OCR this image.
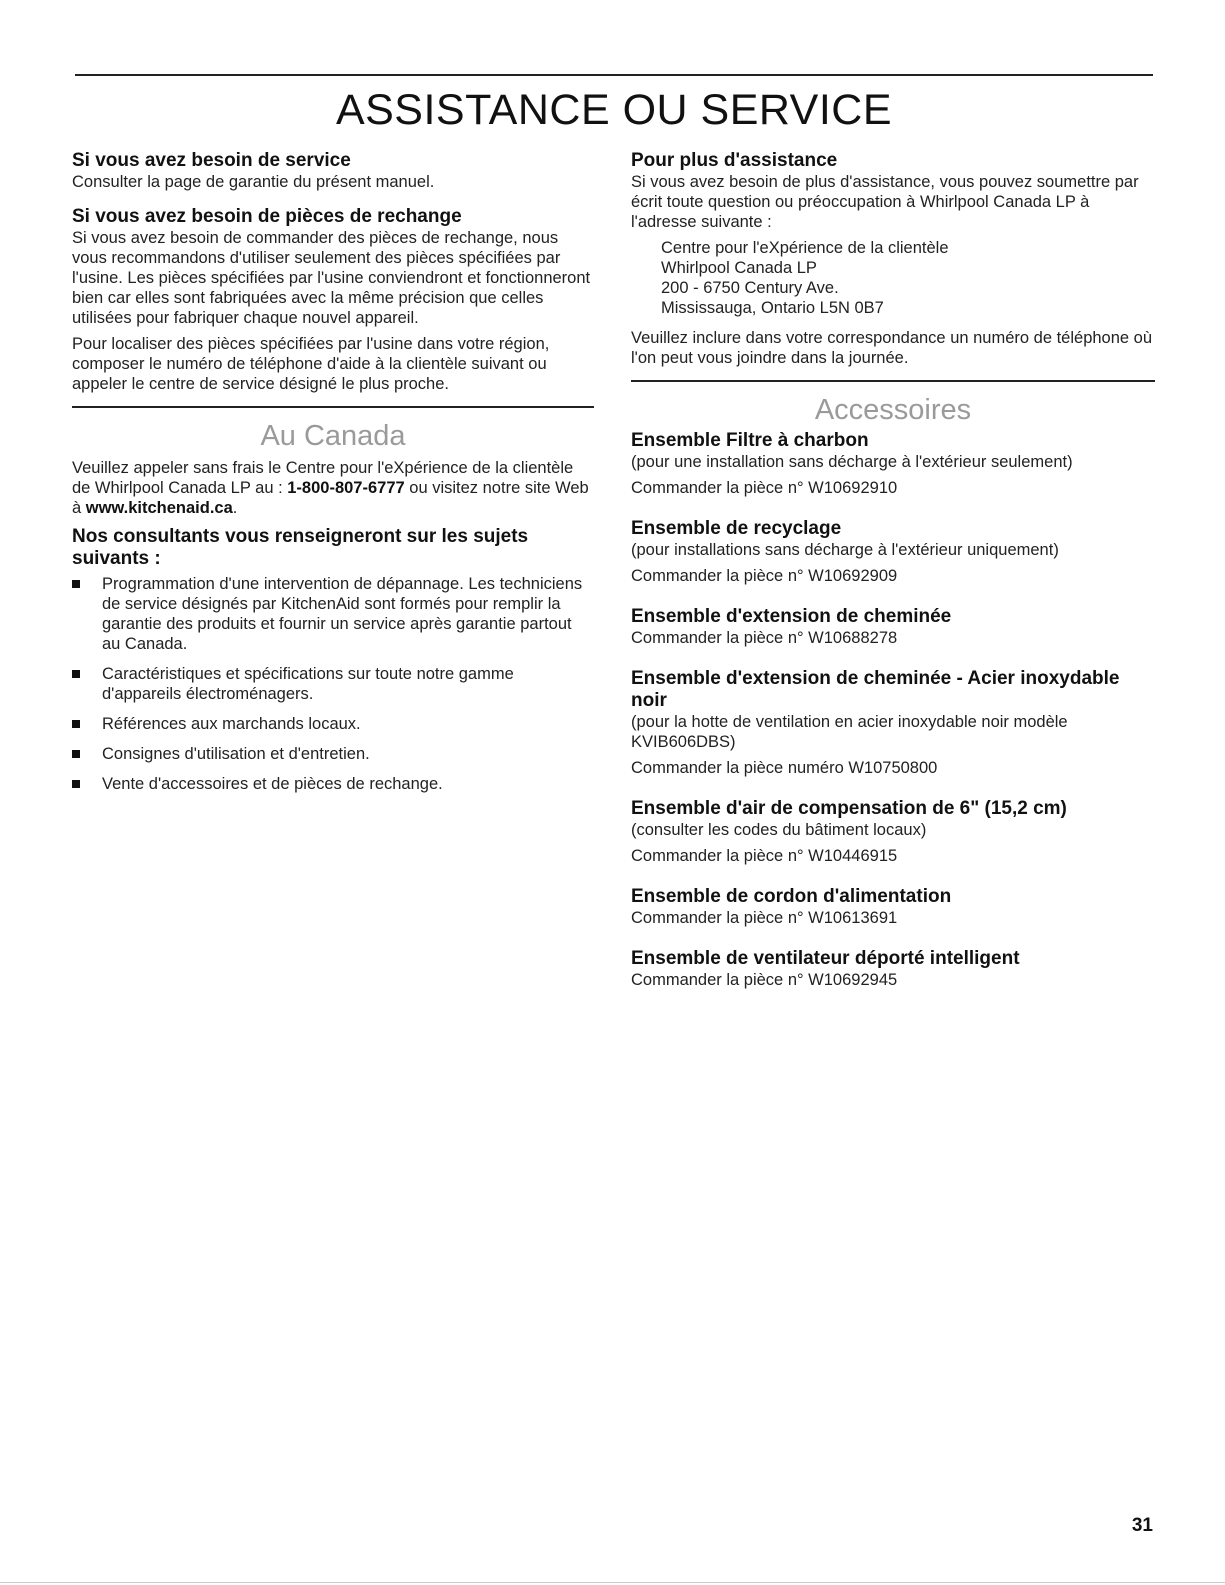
ASSISTANCE OU SERVICE
Si vous avez besoin de service

Consulter la page de garantie du présent manuel.

Si vous avez besoin de pièces de rechange

Si vous avez besoin de commander des pièces de rechange, nous vous recommandons d'utiliser seulement des pièces spécifiées par l'usine. Les pièces spécifiées par l'usine conviendront et fonctionneront bien car elles sont fabriquées avec la même précision que celles utilisées pour fabriquer chaque nouvel appareil.

Pour localiser des pièces spécifiées par l'usine dans votre région, composer le numéro de téléphone d'aide à la clientèle suivant ou appeler le centre de service désigné le plus proche.

Au Canada

Veuillez appeler sans frais le Centre pour l'eXpérience de la clientèle de Whirlpool Canada LP au : 1-800-807-6777 ou visitez notre site Web à www.kitchenaid.ca.

Nos consultants vous renseigneront sur les sujets suivants :
Programmation d'une intervention de dépannage. Les techniciens de service désignés par KitchenAid sont formés pour remplir la garantie des produits et fournir un service après garantie partout au Canada.
Caractéristiques et spécifications sur toute notre gamme d'appareils électroménagers.
Références aux marchands locaux.
Consignes d'utilisation et d'entretien.
Vente d'accessoires et de pièces de rechange.
Pour plus d'assistance

Si vous avez besoin de plus d'assistance, vous pouvez soumettre par écrit toute question ou préoccupation à Whirlpool Canada LP à l'adresse suivante :

Centre pour l'eXpérience de la clientèle

Whirlpool Canada LP

200 - 6750 Century Ave.

Mississauga, Ontario L5N 0B7

Veuillez inclure dans votre correspondance un numéro de téléphone où l'on peut vous joindre dans la journée.

Accessoires
Ensemble Filtre à charbon

(pour une installation sans décharge à l'extérieur seulement)

Commander la pièce n° W10692910

Ensemble de recyclage

(pour installations sans décharge à l'extérieur uniquement)

Commander la pièce n° W10692909

Ensemble d'extension de cheminée

Commander la pièce n° W10688278

Ensemble d'extension de cheminée - Acier inoxydable noir

(pour la hotte de ventilation en acier inoxydable noir modèle KVIB606DBS)

Commander la pièce numéro W10750800

Ensemble d'air de compensation de 6" (15,2 cm)

(consulter les codes du bâtiment locaux)

Commander la pièce n° W10446915

Ensemble de cordon d'alimentation

Commander la pièce n° W10613691

Ensemble de ventilateur déporté intelligent

Commander la pièce n° W10692945

31
